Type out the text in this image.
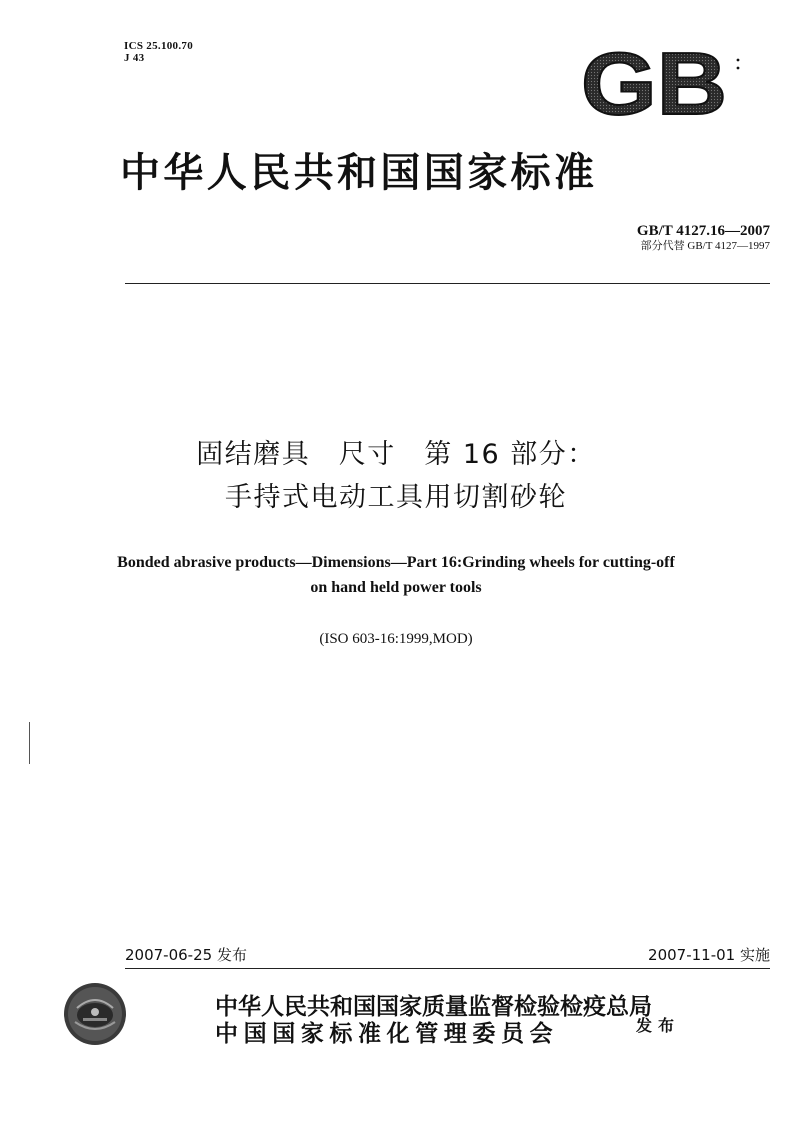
ICS 25.100.70
J 43	GB
中华人民共和国国家标准
GB/T 4127.16—2007
部分代替 GB/T 4127—1997
固结磨具　尺寸　第 16 部分：
手持式电动工具用切割砂轮
Bonded abrasive products—Dimensions—Part 16:Grinding wheels for cutting-off
on hand held power tools
(ISO 603-16:1999,MOD)
2007-06-25 发布	2007-11-01 实施
中华人民共和国国家质量监督检验检疫总局
中国国家标准化管理委员会	发布
